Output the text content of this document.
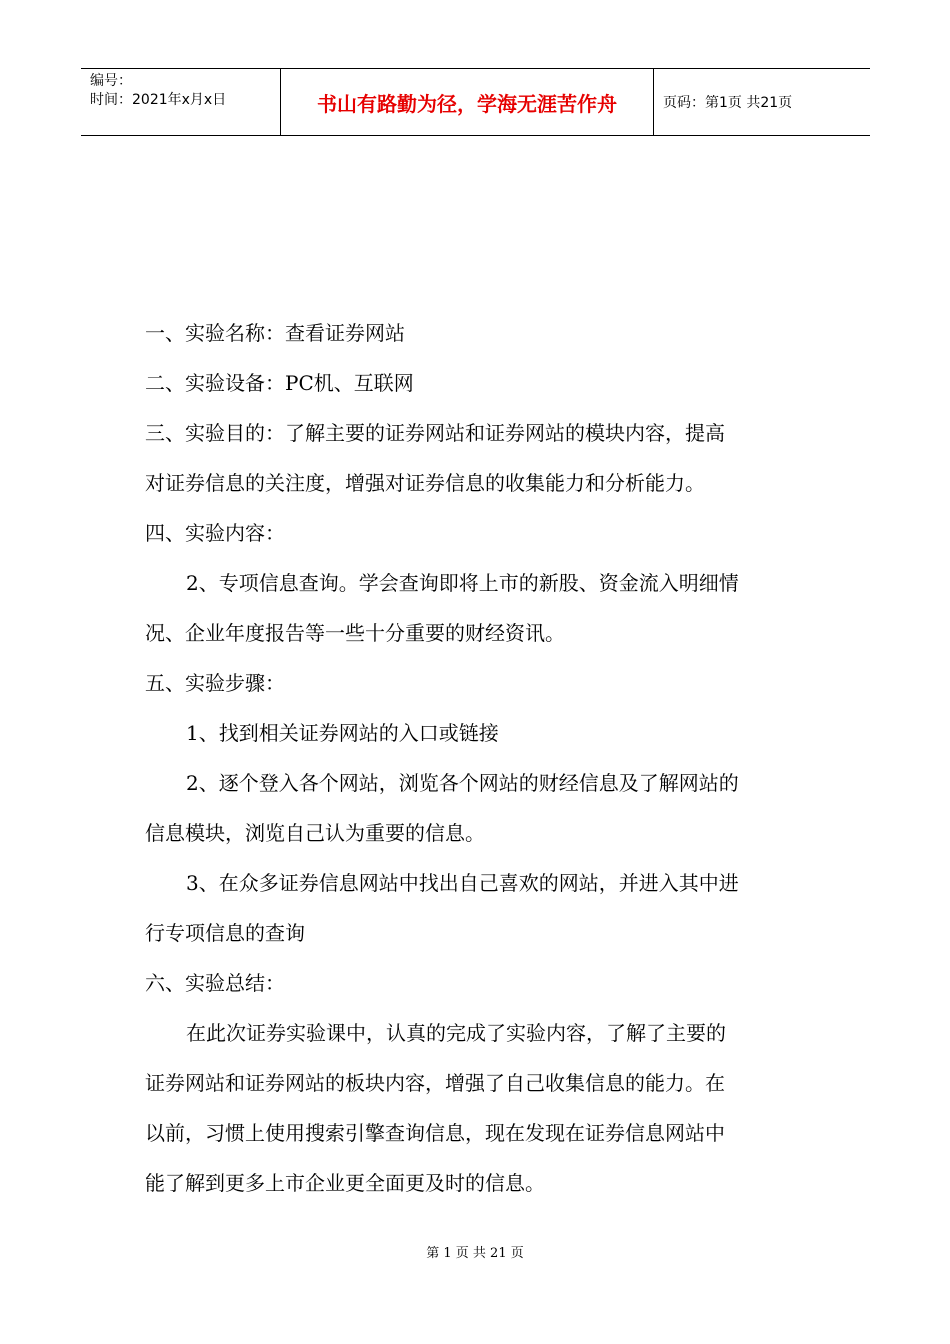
编号：
时间：2021年x月x日	书山有路勤为径，学海无涯苦作舟	页码：第1页 共21页

一、实验名称：查看证券网站

二、实验设备：PC机、互联网

三、实验目的：了解主要的证券网站和证券网站的模块内容，提高

对证券信息的关注度，增强对证券信息的收集能力和分析能力。

四、实验内容：

2、专项信息查询。学会查询即将上市的新股、资金流入明细情

况、企业年度报告等一些十分重要的财经资讯。

五、实验步骤：

1、找到相关证券网站的入口或链接

2、逐个登入各个网站，浏览各个网站的财经信息及了解网站的

信息模块，浏览自己认为重要的信息。

3、在众多证券信息网站中找出自己喜欢的网站，并进入其中进

行专项信息的查询

六、实验总结：

在此次证券实验课中，认真的完成了实验内容，了解了主要的

证券网站和证券网站的板块内容，增强了自己收集信息的能力。在

以前，习惯上使用搜索引擎查询信息，现在发现在证券信息网站中

能了解到更多上市企业更全面更及时的信息。

第 1 页 共 21 页
